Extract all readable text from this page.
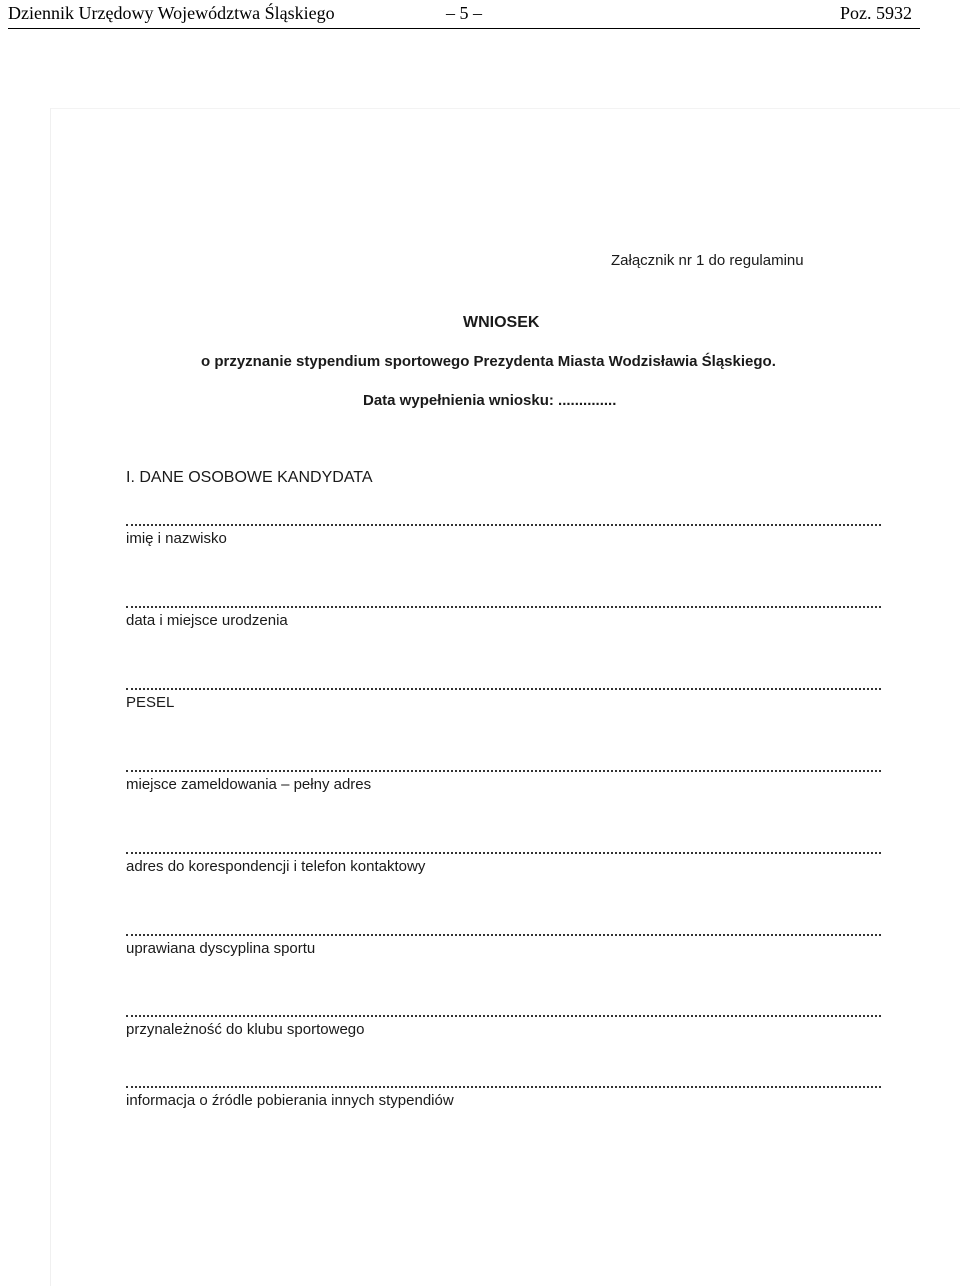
Dziennik Urzędowy Województwa Śląskiego	– 5 –	Poz. 5932
Załącznik nr 1 do regulaminu
WNIOSEK
o przyznanie stypendium sportowego Prezydenta Miasta Wodzisławia Śląskiego.
Data wypełnienia wniosku: ..............
I. DANE OSOBOWE KANDYDATA
imię i nazwisko
data i miejsce urodzenia
PESEL
miejsce zameldowania – pełny adres
adres do korespondencji i telefon kontaktowy
uprawiana dyscyplina sportu
przynależność do klubu sportowego
informacja o źródle pobierania innych stypendiów
